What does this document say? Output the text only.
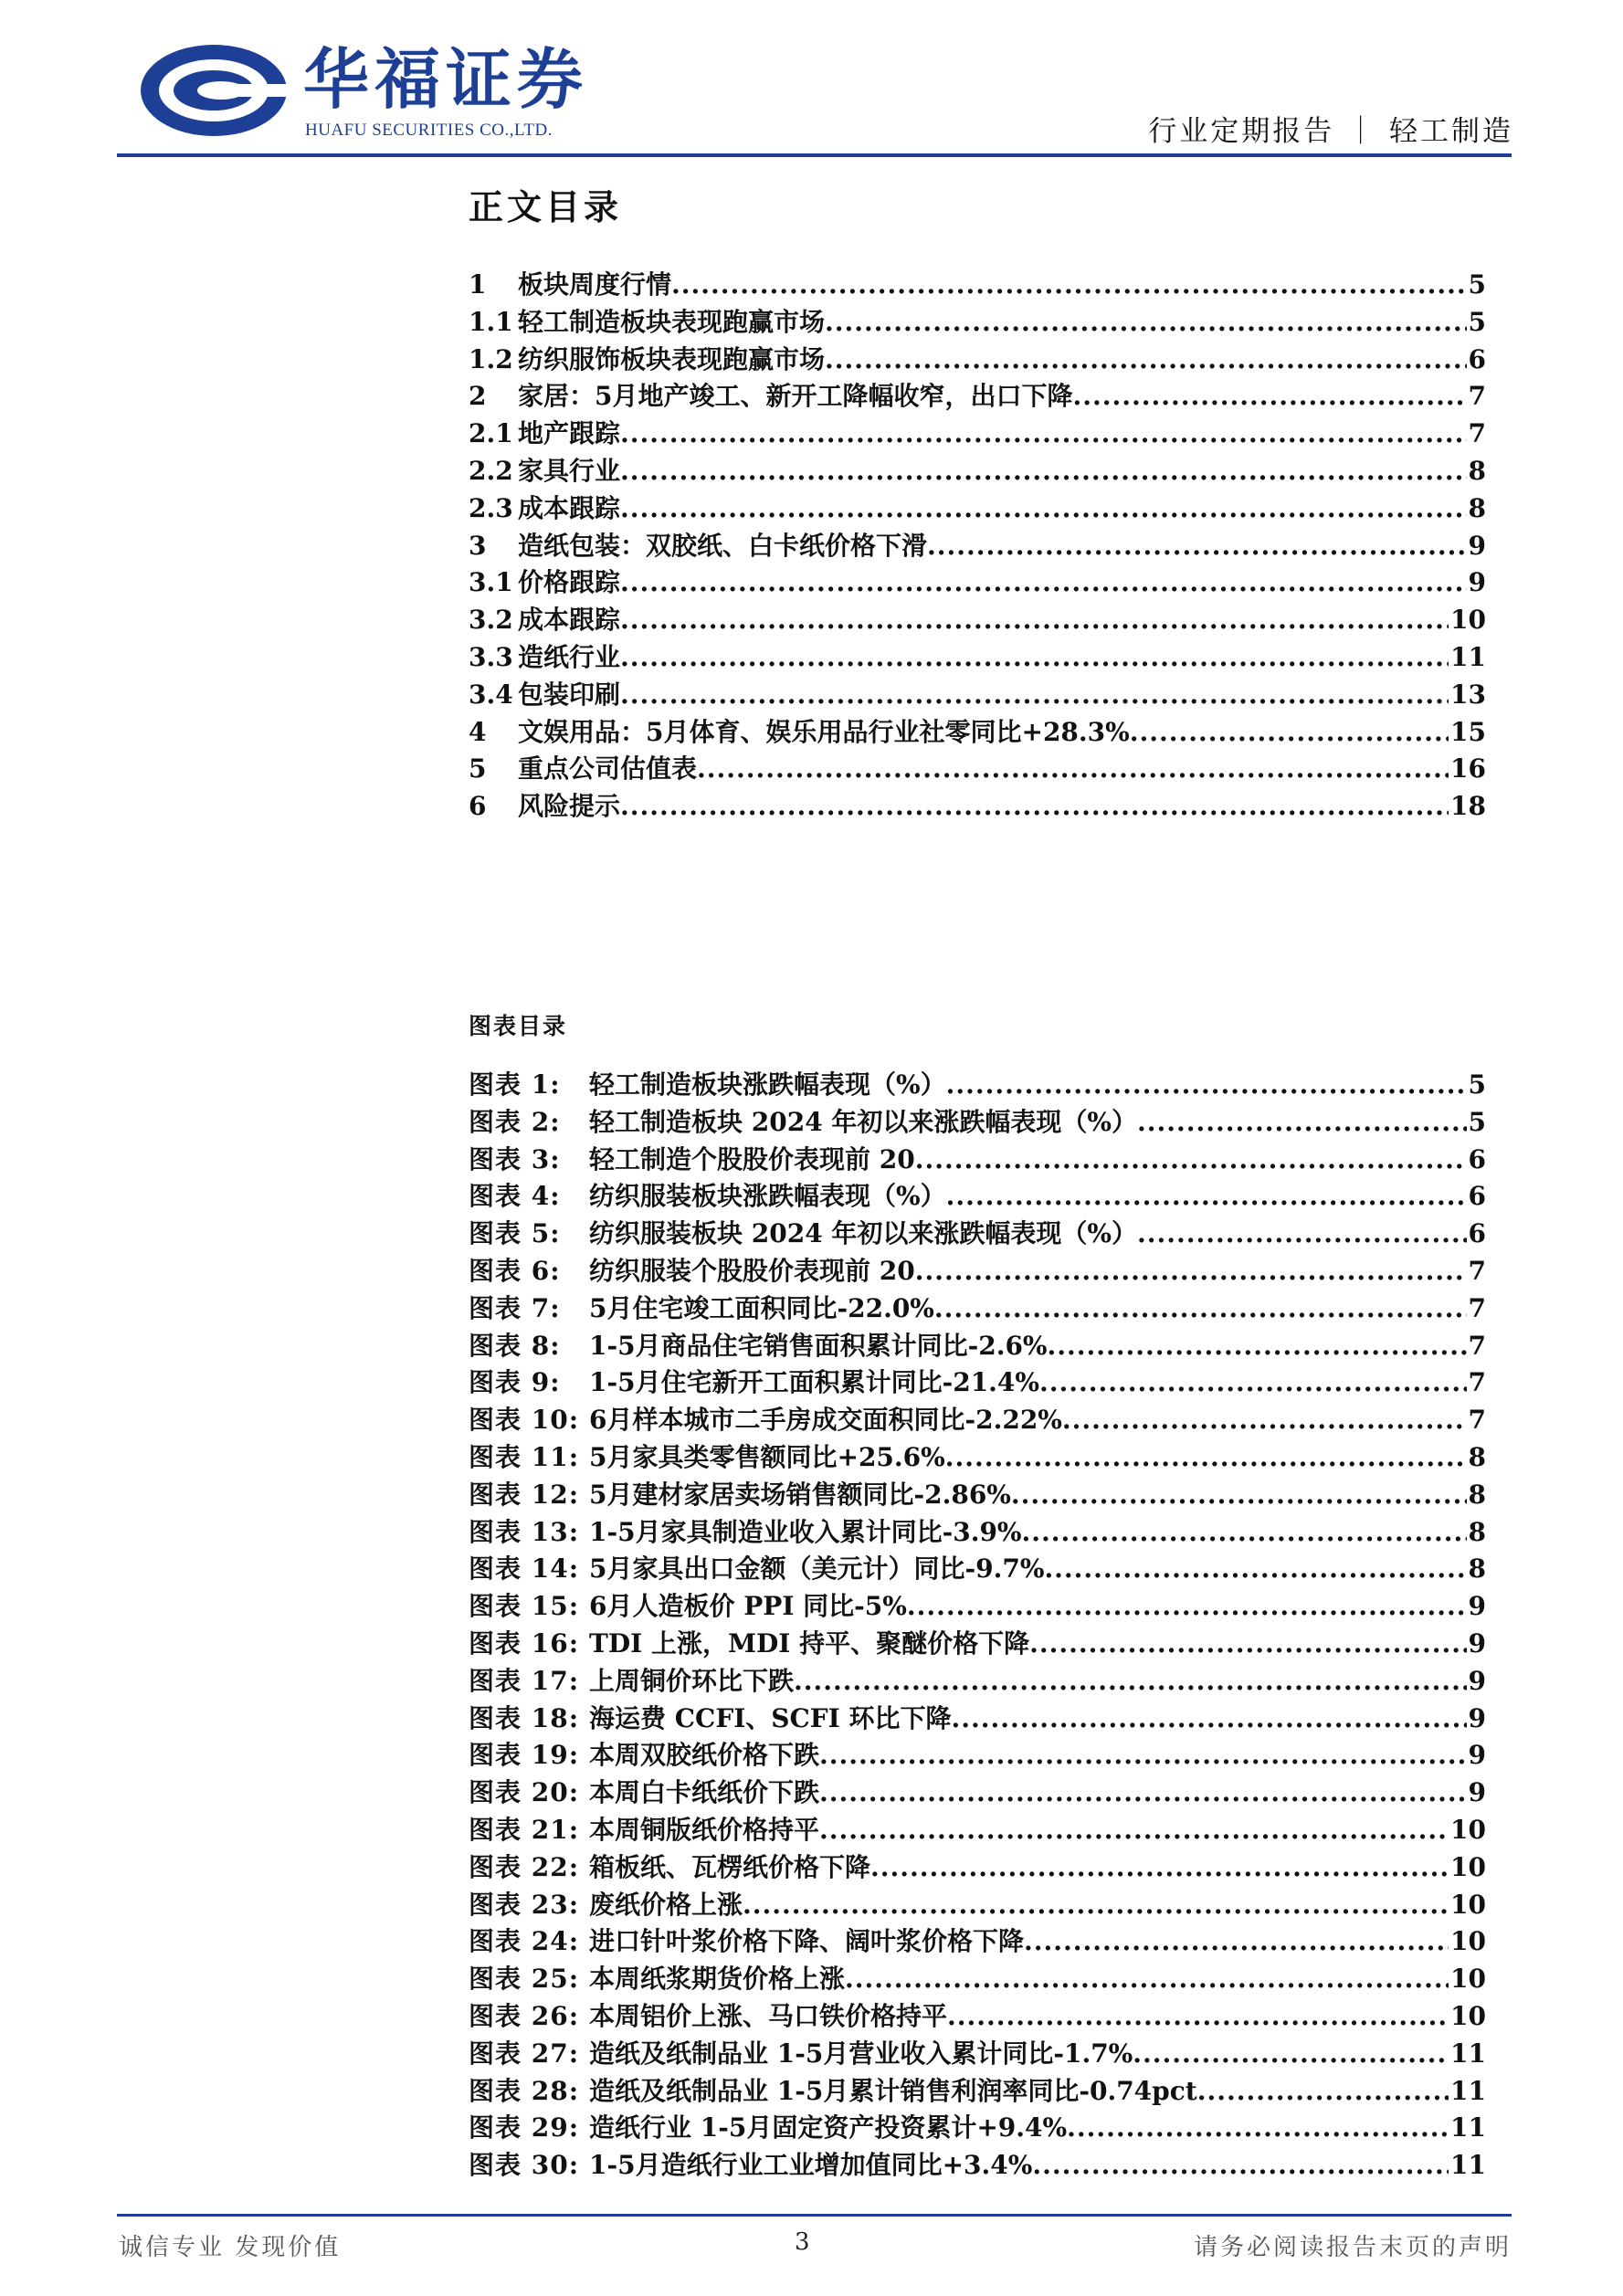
华福证券
HUAFU SECURITIES CO.,LTD.	行业定期报告 ｜ 轻工制造
正文目录
1	板块周度行情 .....	5
1.1 轻工制造板块表现跑赢市场 .....	5
1.2 纺织服饰板块表现跑赢市场 .....	6
2	家居：5月地产竣工、新开工降幅收窄，出口下降 .....	7
2.1 地产跟踪 .....	7
2.2 家具行业 .....	8
2.3 成本跟踪 .....	8
3	造纸包装：双胶纸、白卡纸价格下滑 .....	9
3.1 价格跟踪 .....	9
3.2 成本跟踪 .....	10
3.3 造纸行业 .....	11
3.4 包装印刷 .....	13
4	文娱用品：5月体育、娱乐用品行业社零同比+28.3% .....	15
5	重点公司估值表 .....	16
6	风险提示 .....	18
图表目录
图表 1:	轻工制造板块涨跌幅表现（%） .....	5
图表 2:	轻工制造板块 2024 年初以来涨跌幅表现（%） .....	5
图表 3:	轻工制造个股股价表现前 20 .....	6
图表 4:	纺织服装板块涨跌幅表现（%） .....	6
图表 5:	纺织服装板块 2024 年初以来涨跌幅表现（%） .....	6
图表 6:	纺织服装个股股价表现前 20 .....	7
图表 7:	5月住宅竣工面积同比-22.0% .....	7
图表 8:	1-5月商品住宅销售面积累计同比-2.6% .....	7
图表 9:	1-5月住宅新开工面积累计同比-21.4% .....	7
图表 10: 6月样本城市二手房成交面积同比-2.22% .....	7
图表 11: 5月家具类零售额同比+25.6% .....	8
图表 12: 5月建材家居卖场销售额同比-2.86% .....	8
图表 13: 1-5月家具制造业收入累计同比-3.9% .....	8
图表 14: 5月家具出口金额（美元计）同比-9.7% .....	8
图表 15: 6月人造板价 PPI 同比-5% .....	9
图表 16: TDI 上涨，MDI 持平、聚醚价格下降 .....	9
图表 17: 上周铜价环比下跌 .....	9
图表 18: 海运费 CCFI、SCFI 环比下降 .....	9
图表 19: 本周双胶纸价格下跌 .....	9
图表 20: 本周白卡纸纸价下跌 .....	9
图表 21: 本周铜版纸价格持平 .....	10
图表 22: 箱板纸、瓦楞纸价格下降 .....	10
图表 23: 废纸价格上涨 .....	10
图表 24: 进口针叶浆价格下降、阔叶浆价格下降 .....	10
图表 25: 本周纸浆期货价格上涨 .....	10
图表 26: 本周铝价上涨、马口铁价格持平 .....	10
图表 27: 造纸及纸制品业 1-5月营业收入累计同比-1.7% .....	11
图表 28: 造纸及纸制品业 1-5月累计销售利润率同比-0.74pct .....	11
图表 29: 造纸行业 1-5月固定资产投资累计+9.4% .....	11
图表 30: 1-5月造纸行业工业增加值同比+3.4% .....	11
诚信专业 发现价值	3	请务必阅读报告末页的声明
